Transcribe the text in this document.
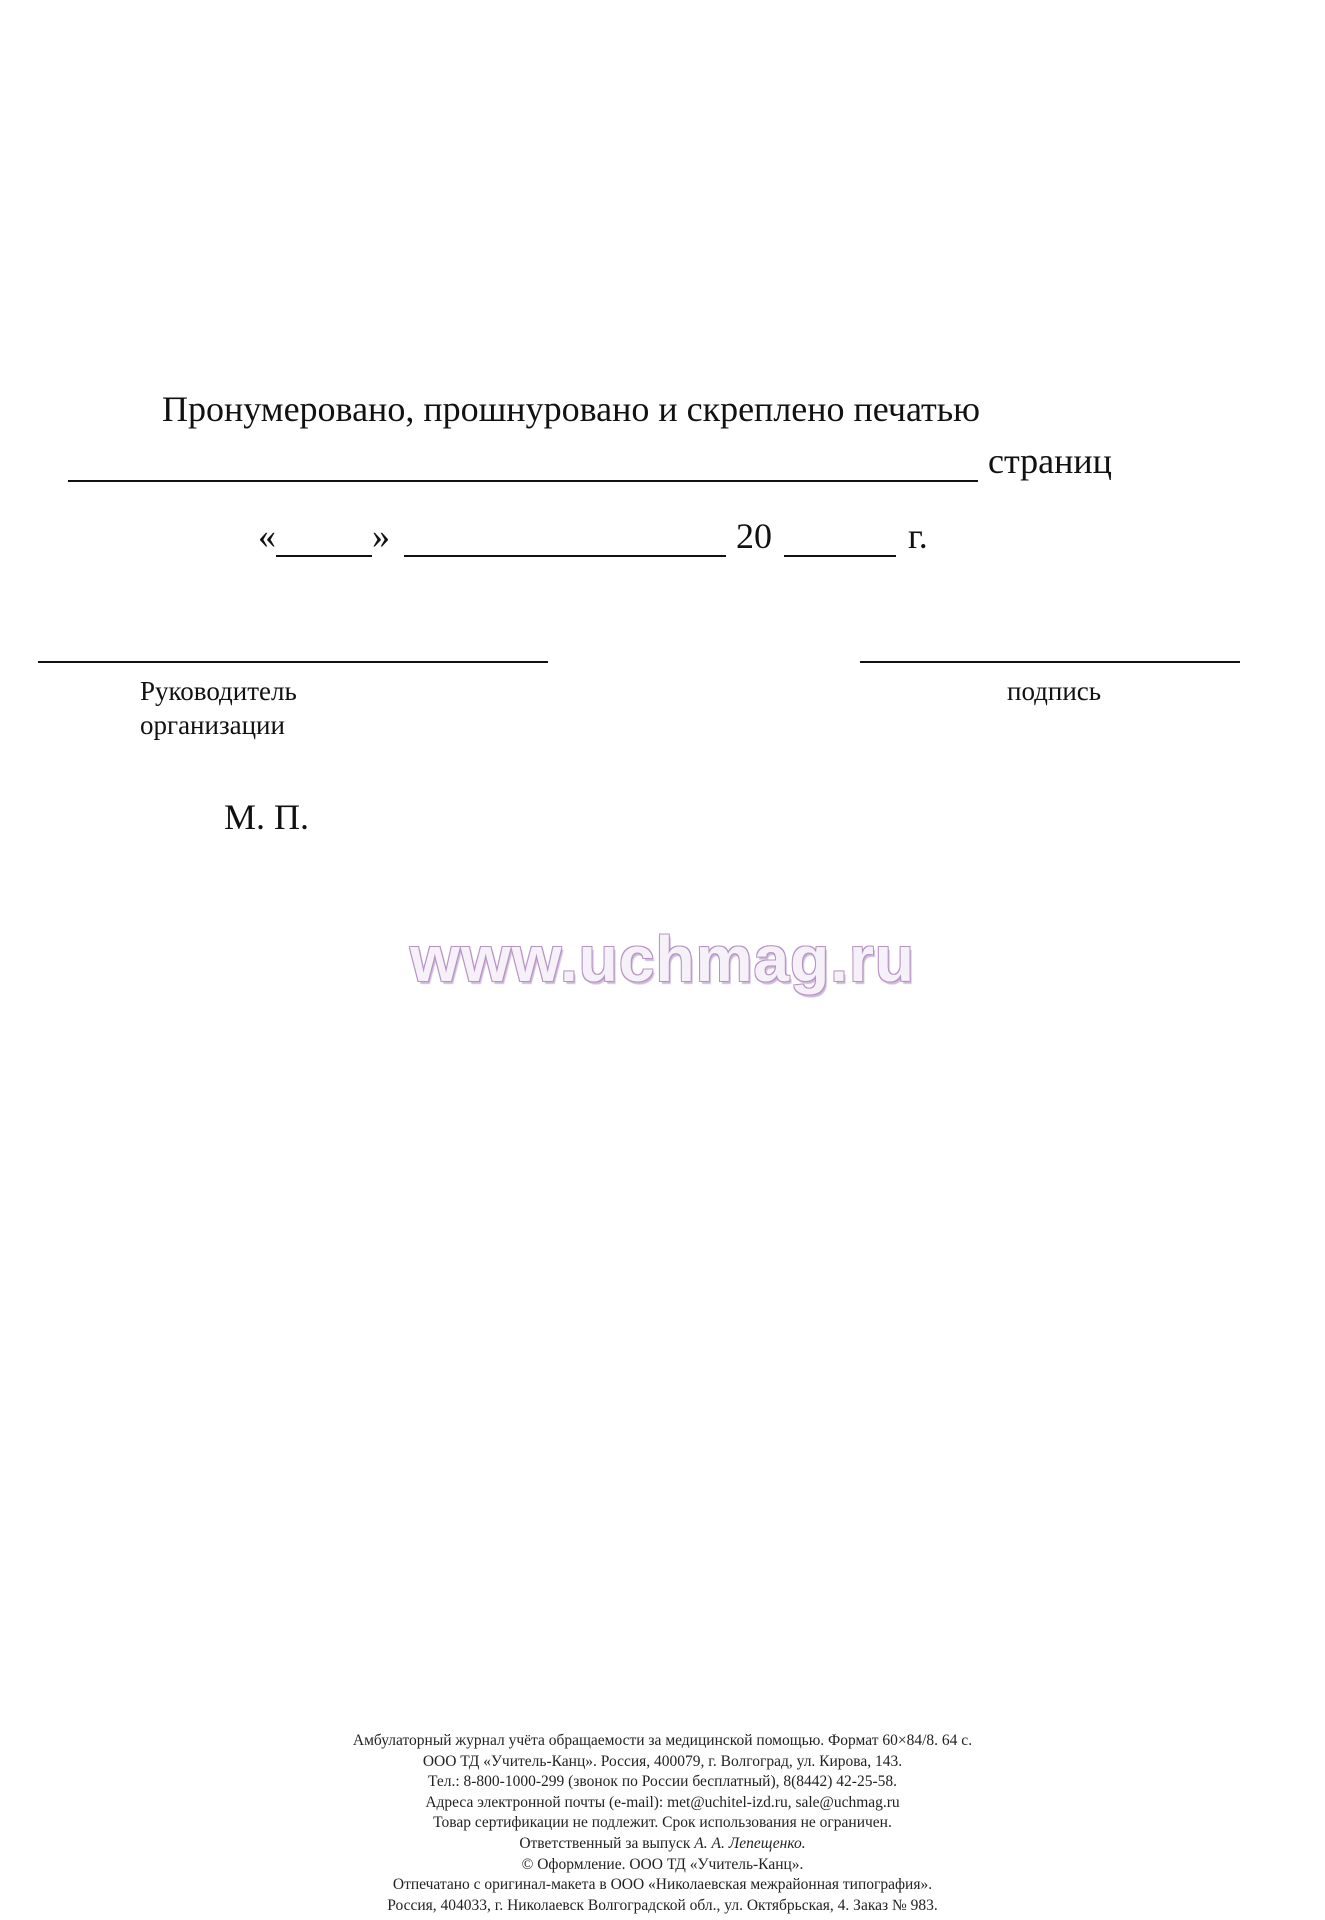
Пронумеровано, прошнуровано и скреплено печатью
страниц
«	»	20	г.
Руководитель
организации
подпись
М. П.
www.uchmag.ru
Амбулаторный журнал учёта обращаемости за медицинской помощью. Формат 60×84/8. 64 с.
ООО ТД «Учитель-Канц». Россия, 400079, г. Волгоград, ул. Кирова, 143.
Тел.: 8-800-1000-299 (звонок по России бесплатный), 8(8442) 42-25-58.
Адреса электронной почты (e-mail): met@uchitel-izd.ru, sale@uchmag.ru
Товар сертификации не подлежит. Срок использования не ограничен.
Ответственный за выпуск А. А. Лепещенко.
© Оформление. ООО ТД «Учитель-Канц».
Отпечатано с оригинал-макета в ООО «Николаевская межрайонная типография».
Россия, 404033, г. Николаевск Волгоградской обл., ул. Октябрьская, 4. Заказ № 983.
